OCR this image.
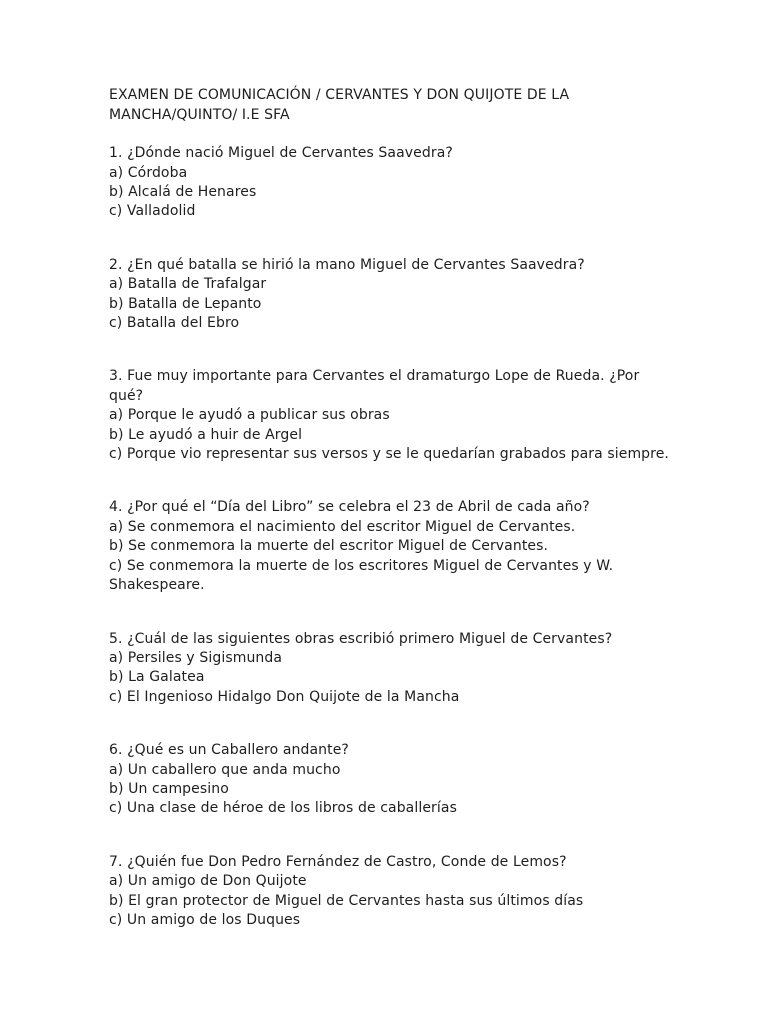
EXAMEN DE COMUNICACIÓN / CERVANTES Y DON QUIJOTE DE LA MANCHA/QUINTO/ I.E SFA

1. ¿Dónde nació Miguel de Cervantes Saavedra?

a) Córdoba
b) Alcalá de Henares
c) Valladolid

2. ¿En qué batalla se hirió la mano Miguel de Cervantes Saavedra?

a) Batalla de Trafalgar
b) Batalla de Lepanto
c) Batalla del Ebro

3. Fue muy importante para Cervantes el dramaturgo Lope de Rueda. ¿Por qué?

a) Porque le ayudó a publicar sus obras
b) Le ayudó a huir de Argel
c) Porque vio representar sus versos y se le quedarían grabados para siempre.

4. ¿Por qué el “Día del Libro” se celebra el 23 de Abril de cada año?

a) Se conmemora el nacimiento del escritor Miguel de Cervantes.
b) Se conmemora la muerte del escritor Miguel de Cervantes.
c) Se conmemora la muerte de los escritores Miguel de Cervantes y W. Shakespeare.

5. ¿Cuál de las siguientes obras escribió primero Miguel de Cervantes?

a) Persiles y Sigismunda
b) La Galatea
c) El Ingenioso Hidalgo Don Quijote de la Mancha

6. ¿Qué es un Caballero andante?

a) Un caballero que anda mucho
b) Un campesino
c) Una clase de héroe de los libros de caballerías

7. ¿Quién fue Don Pedro Fernández de Castro, Conde de Lemos?

a) Un amigo de Don Quijote
b) El gran protector de Miguel de Cervantes hasta sus últimos días
c) Un amigo de los Duques
